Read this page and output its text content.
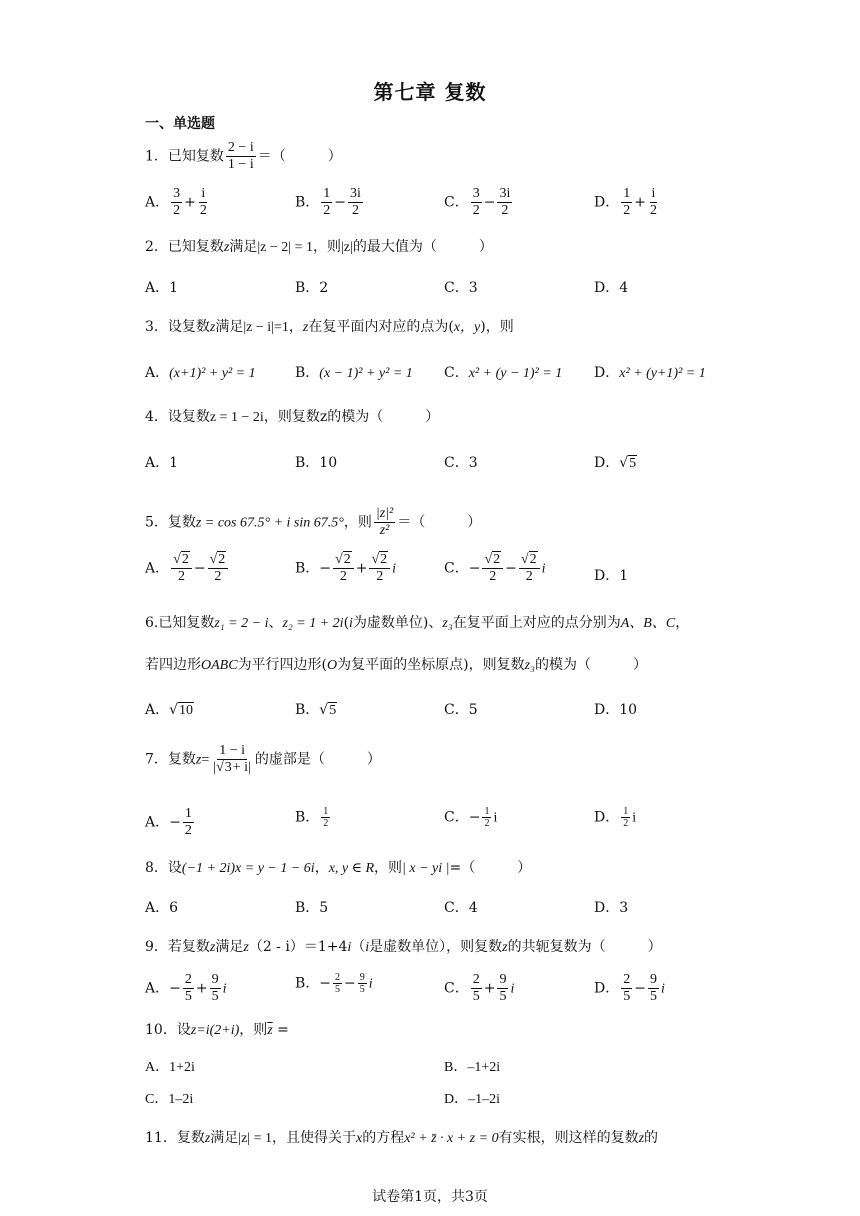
第七章 复数
一、单选题
1．已知复数 $\frac{2 - i}{1 - i}$ ＝（　　　）
A． $\frac{3}{2} + \frac{i}{2}$	B． $\frac{1}{2} - \frac{3i}{2}$	C． $\frac{3}{2} - \frac{3i}{2}$	D． $\frac{1}{2} + \frac{i}{2}$
2．已知复数z满足|z − 2| = 1，则|z|的最大值为（　　　）
A．1	B．2	C．3	D．4
3．设复数z满足|z − i|=1，z在复平面内对应的点为(x，y)，则
A．(x+1)² + y² = 1	B．(x − 1)² + y² = 1 C．x² + (y − 1)² = 1 D．x² + (y+1)² = 1
4．设复数z = 1 − 2i，则复数z的模为（　　　）
A．1	B．10	C．3	D．√5
5．复数z = cos 67.5° + i sin 67.5°，则 $\frac{\text{|z|²}}{\text{z²}}$ ＝（　　　）
A． $\frac{√2}{2} - \frac{√2}{2}$	B．− $\frac{√2}{2} + \frac{√2}{2}$ i	C．− $\frac{√2}{2} - \frac{√2}{2}$ i	D．1
6.已知复数z₁ = 2 − i、z₂ = 1 + 2i(i为虚数单位)、z₃在复平面上对应的点分别为A、B、C，
若四边形OABC为平行四边形(O为复平面的坐标原点)，则复数z₃的模为（　　　）
A．√10	B．√5	C．5	D．10
7．复数$z= \frac{1 - i}{|√3+ i|}$ 的虚部是（　　　）
A．− $\frac{1}{2}$	B． $\frac{1}{2}$	C．− $\frac{1}{2}$ i	D． $\frac{1}{2}$ i
8．设(−1 + 2i)x = y − 1 − 6i，x, y ∈ R，则| x − yi |=（　　　）
A．6	B．5	C．4	D．3
9．若复数z满足z（2 - i）＝1+4i（i是虚数单位），则复数z的共轭复数为（　　　）
A．− $\frac{2}{5} + \frac{9}{5}$ i	B．− $\frac{2}{5} - \frac{9}{5}$ i	C． $\frac{2}{5} + \frac{9}{5}$ i	D． $\frac{2}{5} - \frac{9}{5}$ i
10．设z=i(2+i)，则$\overline{z}$ =
A．1+2i	B．–1+2i
C．1–2i	D．–1–2i
11．复数z满足|z| = 1，且使得关于x的方程x² + z̄ · x + z = 0有实根，则这样的复数z的
试卷第1页，共3页
